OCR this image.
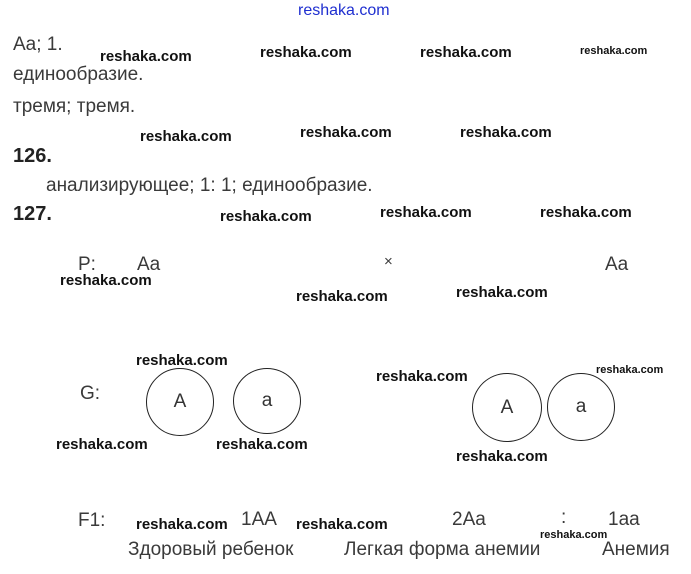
reshaka.com
Aa; 1.
единообразие.
тремя; тремя.
126.
анализирующее; 1: 1; единообразие.
127.
P: Aa	×	Aa
G:	A	a	A	a
F1:	1AA	2Aa	: 1aa
Здоровый ребенок	Легкая форма анемии	Анемия
reshaka.com	reshaka.com	reshaka.com	reshaka.com
reshaka.com	reshaka.com	reshaka.com
reshaka.com	reshaka.com	reshaka.com
reshaka.com
reshaka.com	reshaka.com
reshaka.com
reshaka.com	reshaka.com
reshaka.com	reshaka.com
reshaka.com
reshaka.com	reshaka.com
reshaka.com
